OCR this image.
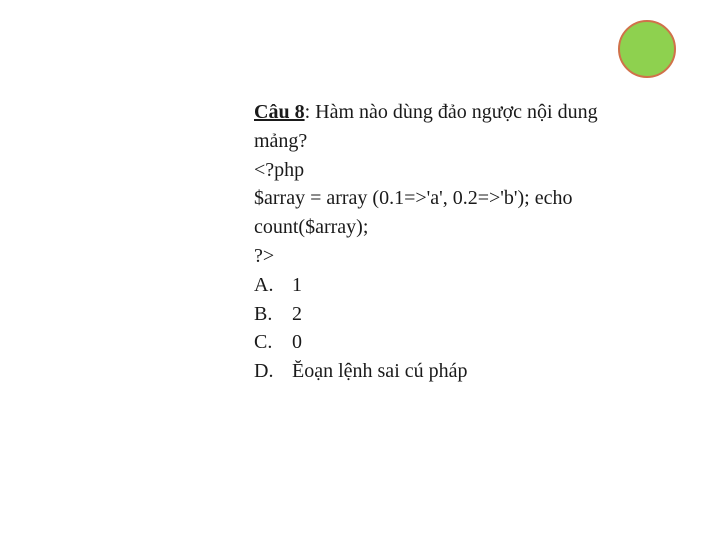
Câu 8: Hàm nào dùng đảo ngược nội dung
mảng?
<?php
$array = array (0.1=>'a', 0.2=>'b'); echo
count($array);
?>
A. 1
B. 2
C. 0
D. Ĕoạn lệnh sai cú pháp
